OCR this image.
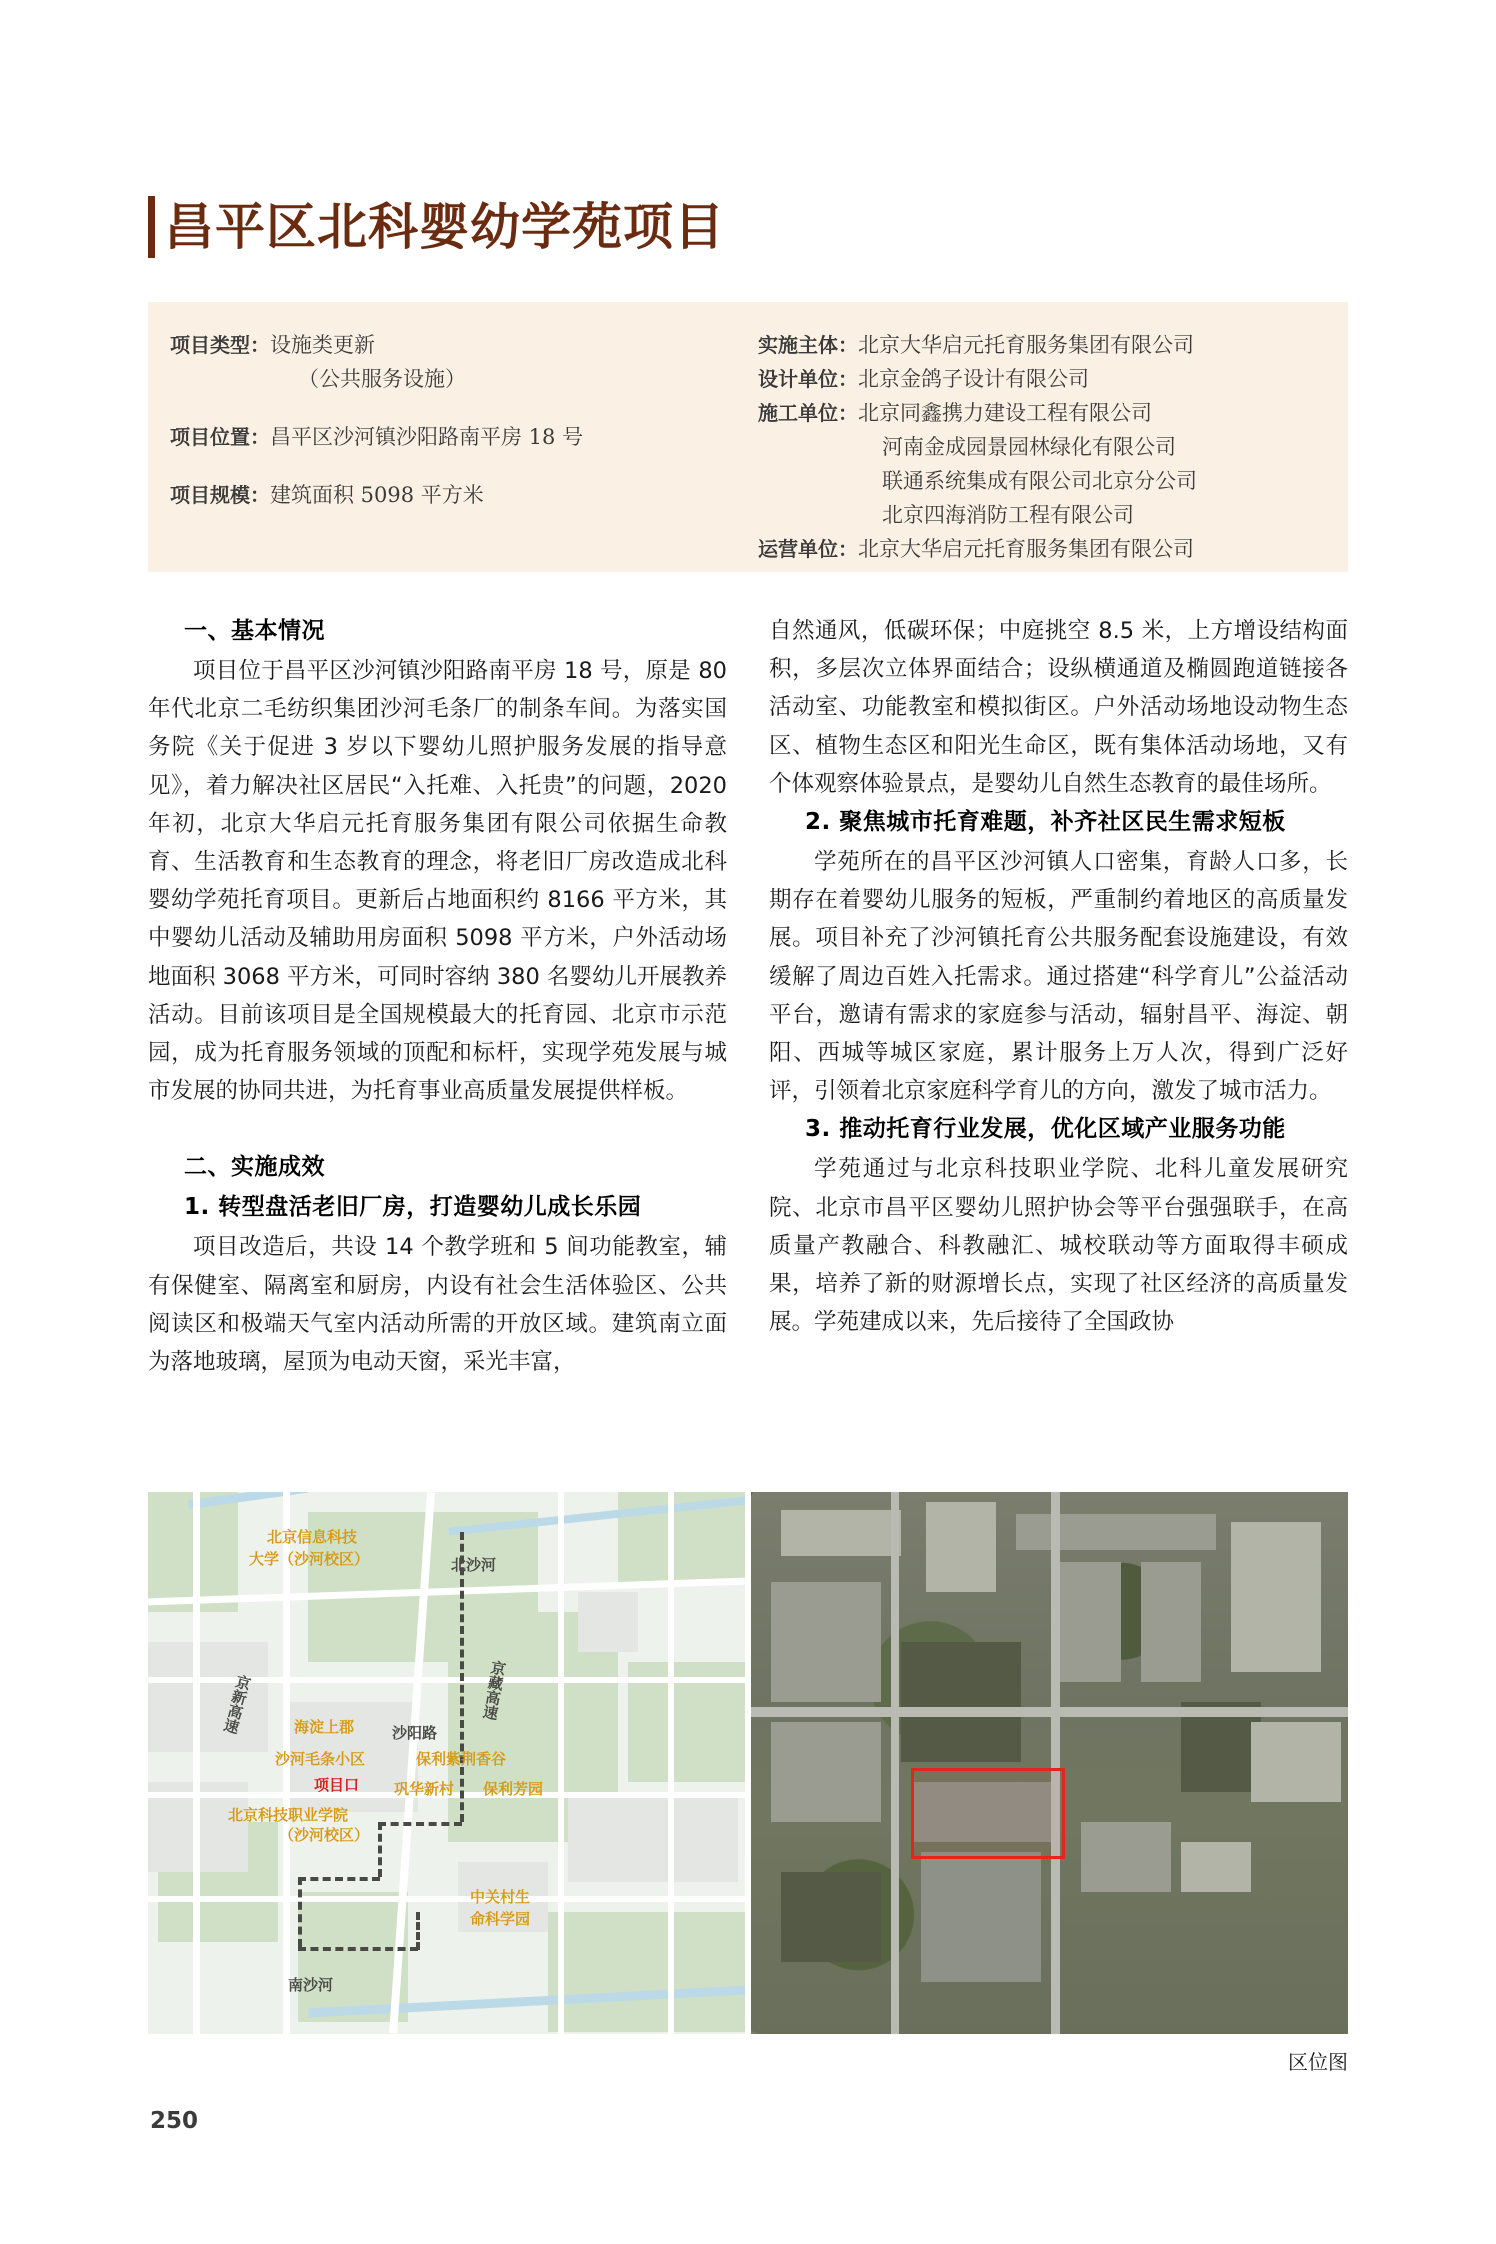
昌平区北科婴幼学苑项目
项目类型：设施类更新
（公共服务设施）
项目位置：昌平区沙河镇沙阳路南平房 18 号
项目规模：建筑面积 5098 平方米
实施主体：北京大华启元托育服务集团有限公司
设计单位：北京金鸽子设计有限公司
施工单位：北京同鑫携力建设工程有限公司
河南金成园景园林绿化有限公司
联通系统集成有限公司北京分公司
北京四海消防工程有限公司
运营单位：北京大华启元托育服务集团有限公司
一、基本情况

项目位于昌平区沙河镇沙阳路南平房 18 号，原是 80 年代北京二毛纺织集团沙河毛条厂的制条车间。为落实国务院《关于促进 3 岁以下婴幼儿照护服务发展的指导意见》，着力解决社区居民“入托难、入托贵”的问题，2020 年初，北京大华启元托育服务集团有限公司依据生命教育、生活教育和生态教育的理念，将老旧厂房改造成北科婴幼学苑托育项目。更新后占地面积约 8166 平方米，其中婴幼儿活动及辅助用房面积 5098 平方米，户外活动场地面积 3068 平方米，可同时容纳 380 名婴幼儿开展教养活动。目前该项目是全国规模最大的托育园、北京市示范园，成为托育服务领域的顶配和标杆，实现学苑发展与城市发展的协同共进，为托育事业高质量发展提供样板。

二、实施成效
1. 转型盘活老旧厂房，打造婴幼儿成长乐园

项目改造后，共设 14 个教学班和 5 间功能教室，辅有保健室、隔离室和厨房，内设有社会生活体验区、公共阅读区和极端天气室内活动所需的开放区域。建筑南立面为落地玻璃，屋顶为电动天窗，采光丰富，

自然通风，低碳环保；中庭挑空 8.5 米，上方增设结构面积，多层次立体界面结合；设纵横通道及椭圆跑道链接各活动室、功能教室和模拟街区。户外活动场地设动物生态区、植物生态区和阳光生命区，既有集体活动场地，又有个体观察体验景点，是婴幼儿自然生态教育的最佳场所。

2. 聚焦城市托育难题，补齐社区民生需求短板

学苑所在的昌平区沙河镇人口密集，育龄人口多，长期存在着婴幼儿服务的短板，严重制约着地区的高质量发展。项目补充了沙河镇托育公共服务配套设施建设，有效缓解了周边百姓入托需求。通过搭建“科学育儿”公益活动平台，邀请有需求的家庭参与活动，辐射昌平、海淀、朝阳、西城等城区家庭，累计服务上万人次，得到广泛好评，引领着北京家庭科学育儿的方向，激发了城市活力。

3. 推动托育行业发展，优化区域产业服务功能

学苑通过与北京科技职业学院、北科儿童发展研究院、北京市昌平区婴幼儿照护协会等平台强强联手，在高质量产教融合、科教融汇、城校联动等方面取得丰硕成果，培养了新的财源增长点，实现了社区经济的高质量发展。学苑建成以来，先后接待了全国政协

北京信息科技
大学（沙河校区）	北沙河
京新高速	京藏高速
海淀上郡	沙阳路
沙河毛条小区	保利紫荆香谷
项目口 巩华新村 保利芳园
北京科技职业学院
（沙河校区）
中关村生
命科学园
南沙河
区位图
250
